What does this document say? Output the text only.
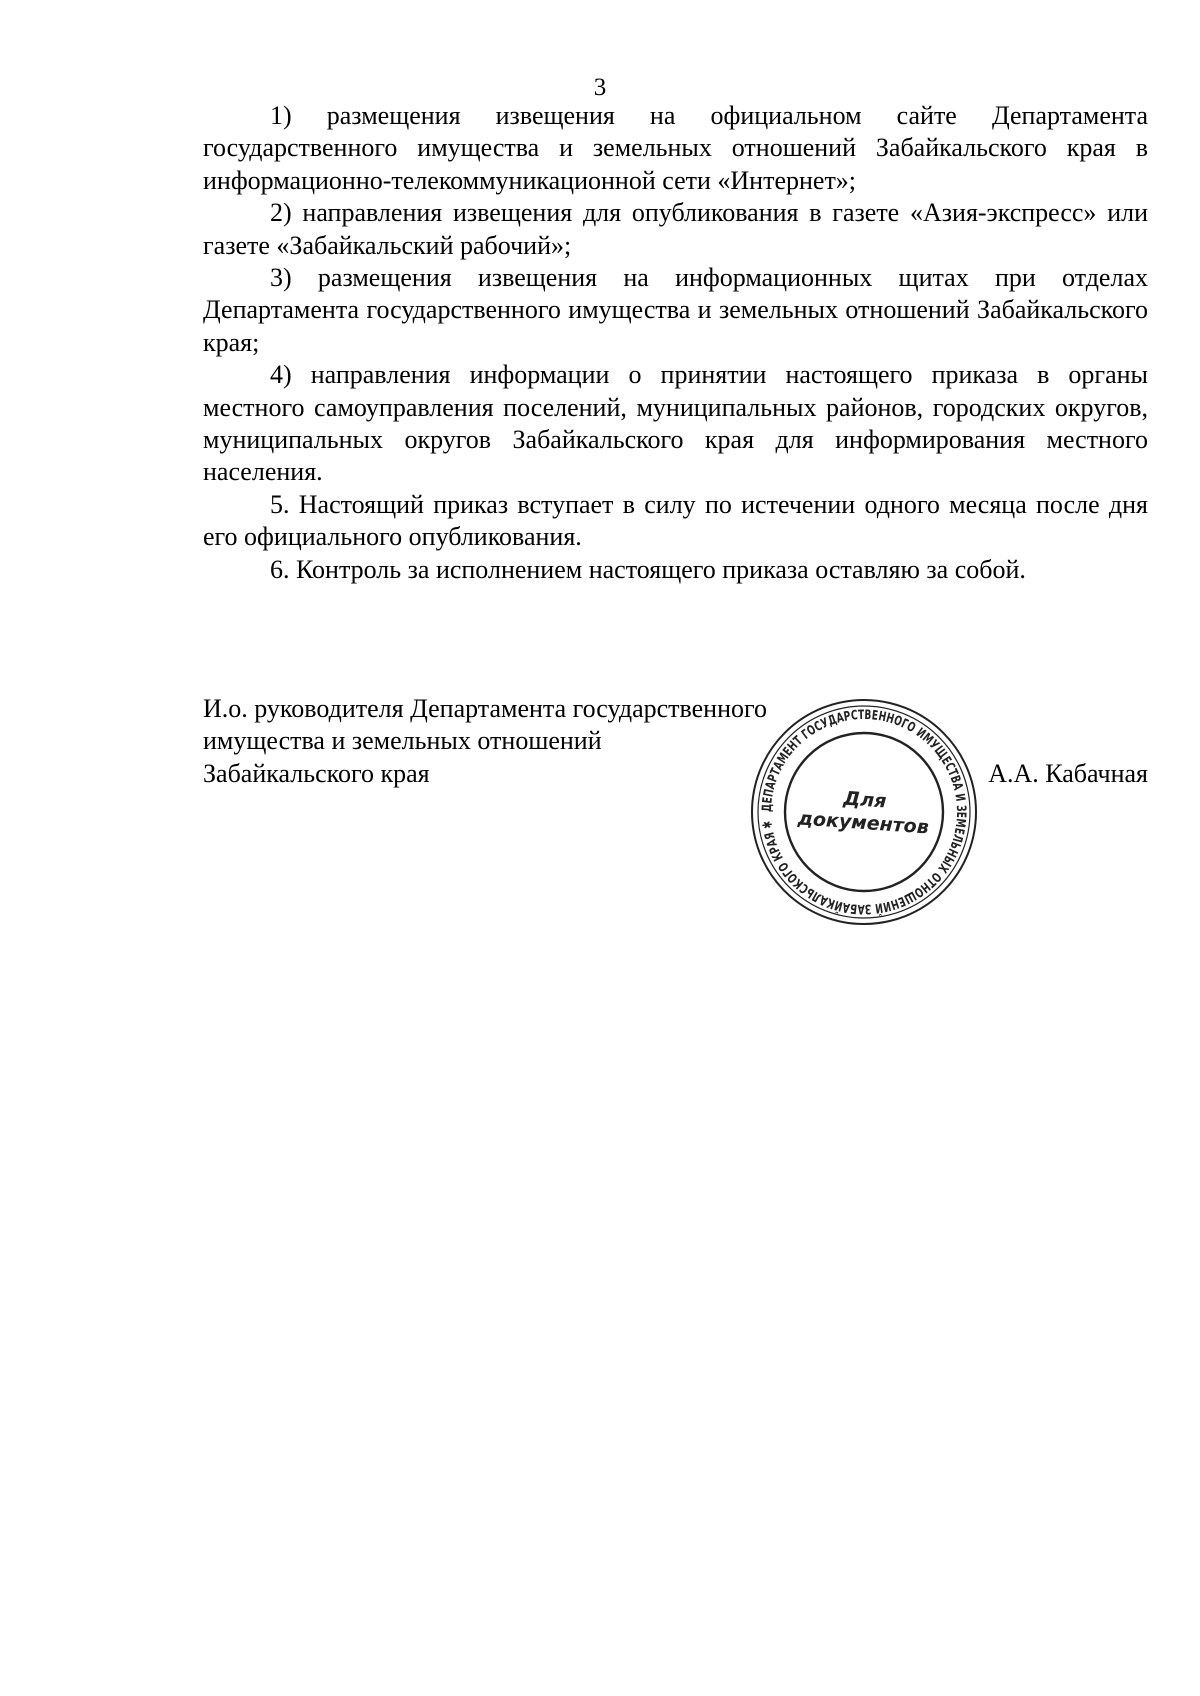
3

1) размещения извещения на официальном сайте Департамента государственного имущества и земельных отношений Забайкальского края в информационно-телекоммуникационной сети «Интернет»;

2) направления извещения для опубликования в газете «Азия-экспресс» или газете «Забайкальский рабочий»;

3) размещения извещения на информационных щитах при отделах Департамента государственного имущества и земельных отношений Забайкальского края;

4) направления информации о принятии настоящего приказа в органы местного самоуправления поселений, муниципальных районов, городских округов, муниципальных округов Забайкальского края для информирования местного населения.

5. Настоящий приказ вступает в силу по истечении одного месяца после дня его официального опубликования.

6. Контроль за исполнением настоящего приказа оставляю за собой.

И.о. руководителя Департамента государственного
имущества и земельных отношений
Забайкальского края	А.А. Кабачная
ДЕПАРТАМЕНТ ГОСУДАРСТВЕННОГО ИМУЩЕСТВА И ЗЕМЕЛЬНЫХ ОТНОШЕНИЙ ЗАБАЙКАЛЬСКОГО КРАЯ ✱
Для
документов
